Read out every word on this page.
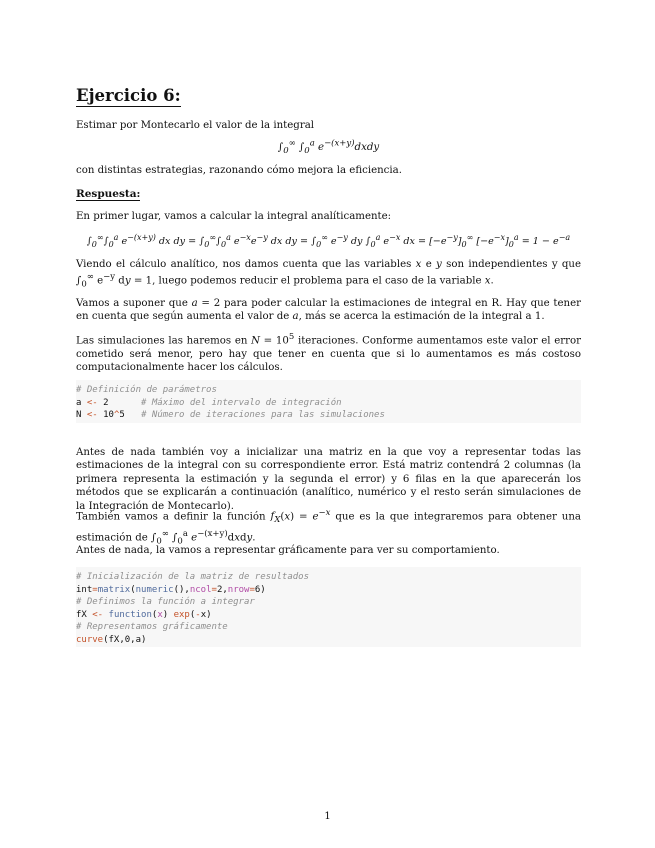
Ejercicio 6:

Estimar por Montecarlo el valor de la integral

$\int_0^\infty$ $\int_0^a$ $e^{-(x+y)}dxdy$

con distintas estrategias, razonando cómo mejora la eficiencia.

Respuesta:

En primer lugar, vamos a calcular la integral analíticamente:

$\int_0^\infty\int_0^a$ $e^{-(x+y)}$ dx dy = $\int_0^\infty\int_0^a$ $e^{-x}e^{-y}$ dx dy = $\int_0^\infty$ $e^{-y}$ dy $\int_0^a$ $e^{-x}$ dx = $[-e^{-y}]_0^\infty$ $[-e^{-x}]_0^a = 1 - e^{-a}$

Viendo el cálculo analítico, nos damos cuenta que las variables x e y son independientes y que $\int_0^\infty$ $e^{-y}$ dy = 1, luego podemos reducir el problema para el caso de la variable x.

Vamos a suponer que a = 2 para poder calcular la estimaciones de integral en R. Hay que tener en cuenta que según aumenta el valor de a, más se acerca la estimación de la integral a 1.

Las simulaciones las haremos en $N = 10^5$ iteraciones. Conforme aumentamos este valor el error cometido será menor, pero hay que tener en cuenta que si lo aumentamos es más costoso computacionalmente hacer los cálculos.

# Definición de parámetros
a <- 2	# Máximo del intervalo de integración
N <- 10^5 # Número de iteraciones para las simulaciones

Antes de nada también voy a inicializar una matriz en la que voy a representar todas las estimaciones de la integral con su correspondiente error. Está matriz contendrá 2 columnas (la primera representa la estimación y la segunda el error) y 6 filas en la que aparecerán los métodos que se explicarán a continuación (analítico, numérico y el resto serán simulaciones de la Integración de Montecarlo).

También vamos a definir la función $f_X(x) = e^{-x}$ que es la que integraremos para obtener una estimación de $\int_0^\infty$ $\int_0^a$ $e^{-(x+y)}dxdy$.

Antes de nada, la vamos a representar gráficamente para ver su comportamiento.

# Inicialización de la matriz de resultados
int=matrix(numeric(),ncol=2,nrow=6)
# Definimos la función a integrar
fX <- function(x) exp(-x)
# Representamos gráficamente
curve(fX,0,a)
1
